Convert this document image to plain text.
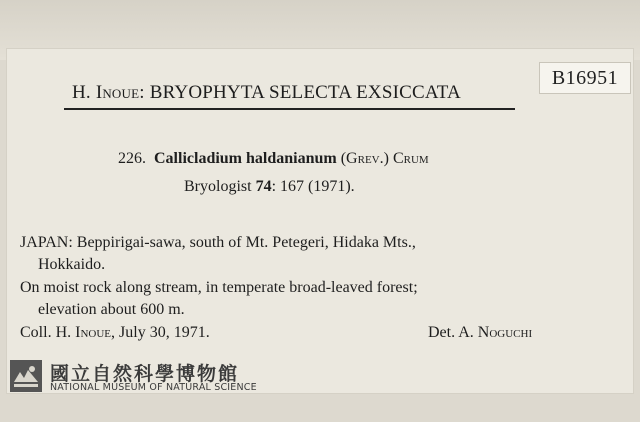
B16951
H. Inoue: BRYOPHYTA SELECTA EXSICCATA
226. Callicladium haldanianum (Grev.) Crum
Bryologist 74: 167 (1971).
JAPAN: Beppirigai-sawa, south of Mt. Petegeri, Hidaka Mts.,
Hokkaido.
On moist rock along stream, in temperate broad-leaved forest;
elevation about 600 m.
Coll. H. Inoue, July 30, 1971.	Det. A. Noguchi
國立自然科學博物館
NATIONAL MUSEUM OF NATURAL SCIENCE
